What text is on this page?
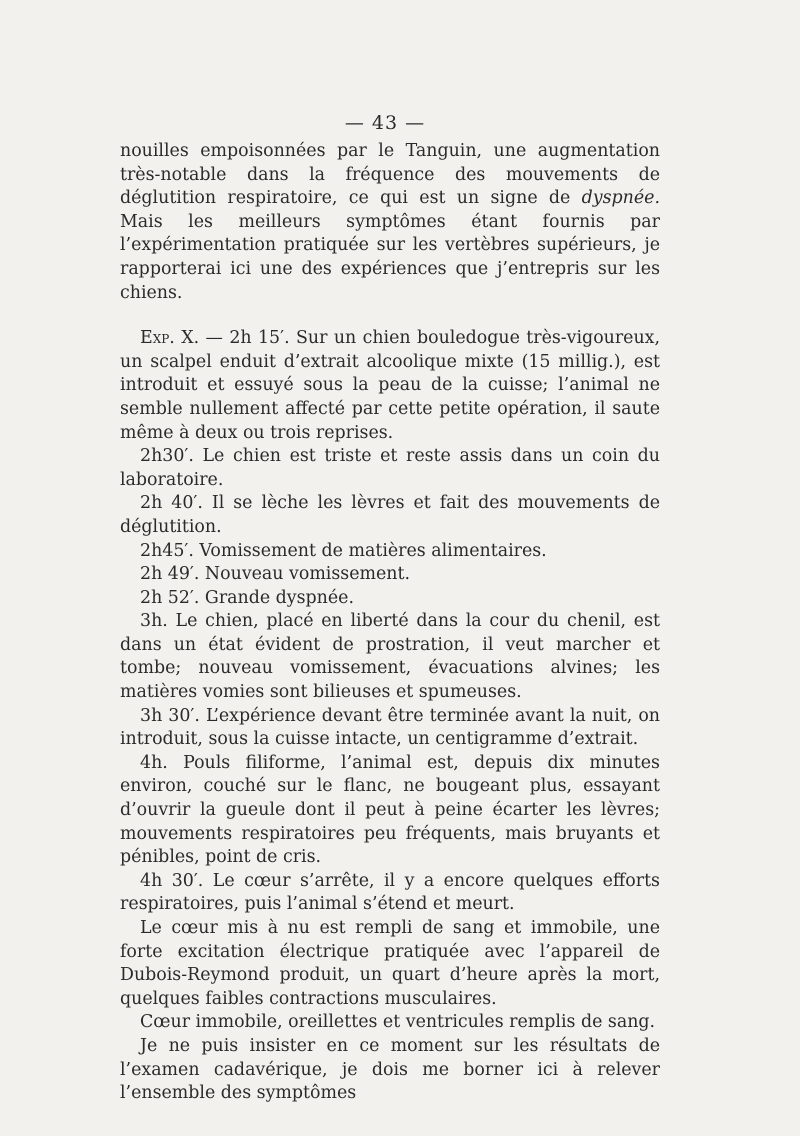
— 43 —

nouilles empoisonnées par le Tanguin, une augmentation très-notable dans la fréquence des mouvements de déglutition respiratoire, ce qui est un signe de dyspnée. Mais les meilleurs symptômes étant fournis par l’expérimentation pratiquée sur les vertèbres supérieurs, je rapporterai ici une des expériences que j’entrepris sur les chiens.

Exp. X. — 2h 15′. Sur un chien bouledogue très-vigoureux, un scalpel enduit d’extrait alcoolique mixte (15 millig.), est introduit et essuyé sous la peau de la cuisse; l’animal ne semble nullement affecté par cette petite opération, il saute même à deux ou trois reprises.

2h30′. Le chien est triste et reste assis dans un coin du laboratoire.

2h 40′. Il se lèche les lèvres et fait des mouvements de déglutition.

2h45′. Vomissement de matières alimentaires.

2h 49′. Nouveau vomissement.

2h 52′. Grande dyspnée.

3h. Le chien, placé en liberté dans la cour du chenil, est dans un état évident de prostration, il veut marcher et tombe; nouveau vomissement, évacuations alvines; les matières vomies sont bilieuses et spumeuses.

3h 30′. L’expérience devant être terminée avant la nuit, on introduit, sous la cuisse intacte, un centigramme d’extrait.

4h. Pouls filiforme, l’animal est, depuis dix minutes environ, couché sur le flanc, ne bougeant plus, essayant d’ouvrir la gueule dont il peut à peine écarter les lèvres; mouvements respiratoires peu fréquents, mais bruyants et pénibles, point de cris.

4h 30′. Le cœur s’arrête, il y a encore quelques efforts respiratoires, puis l’animal s’étend et meurt.

Le cœur mis à nu est rempli de sang et immobile, une forte excitation électrique pratiquée avec l’appareil de Dubois-Reymond produit, un quart d’heure après la mort, quelques faibles contractions musculaires.

Cœur immobile, oreillettes et ventricules remplis de sang.

Je ne puis insister en ce moment sur les résultats de l’examen cadavérique, je dois me borner ici à relever l’ensemble des symptômes
